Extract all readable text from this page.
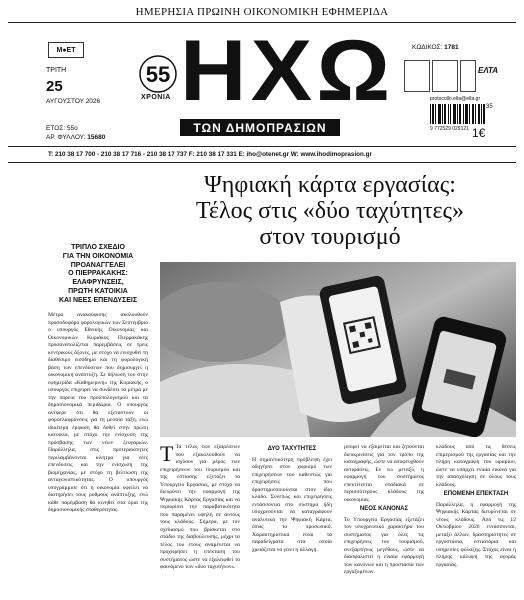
ΗΜΕΡΗΣΙΑ ΠΡΩΙΝΗ ΟΙΚΟΝΟΜΙΚΗ ΕΦΗΜΕΡΙΔΑ
M●ET
ΤΡΙΤΗ
25
ΑΥΓΟΥΣΤΟΥ 2026
ΕΤΟΣ: 55ο
ΑΡ. ΦΥΛΛΟΥ: 15680
55
ΧΡΟΝΙΑ ΗΧΩ
ΤΩΝ ΔΗΜΟΠΡΑΣΙΩΝ
ΚΩΔΙΚΟΣ: 1781
ΕΛΤΑ
protocollo.elta@elta.gr
9 772529 029121
35
1€
T: 210 38 17 700 - 210 38 17 716 - 210 38 17 737 F: 210 38 17 331 E: iho@otenet.gr W: www.ihodimoprasion.gr
Ψηφιακή κάρτα εργασίας:
Τέλος στις «δύο ταχύτητες»
στον τουρισμό
ΤΡΙΠΛΟ ΣΧΕΔΙΟ
ΓΙΑ ΤΗΝ ΟΙΚΟΝΟΜΙΑ
ΠΡΟΑΝΑΓΓΕΛΕΙ
Ο ΠΙΕΡΡΑΚΑΚΗΣ:
ΕΛΑΦΡΥΝΣΕΙΣ,
ΠΡΩΤΗ ΚΑΤΟΙΚΙΑ
ΚΑΙ ΝΕΕΣ ΕΠΕΝΔΥΣΕΙΣ
Μέτρα ανακούφισης ακολουθούν προσοδοφόρο φορολογικών των Σεπτέμβριο ο υπουργός Εθνικής Οικονομίας και Οικονομικών Κυριάκος Πιερρακάκης προσανατολίζεται παρεμβάσεις σε τρεις κεντρικούς άξονες, με στόχο να ενισχυθεί τη διαθέσιμο εισόδημα και τη φορολογική βάση των επενδύσεων που δημιουργεί η οικονομική ανάπτυξη. Σε δήλωση του στην εφημερίδα «Καθημερινή» της Κυριακής, ο υπουργός επιχειρεί να συνδέσει τα μέτρα με την πορεία του προϋπολογισμού και τα δημοσιονομικά περιθώρια. Ο υπουργός ανέφερε ότι θα εξεταστούν οι φοροελαφρύνσεις για τη μεσαία τάξη, ενώ ιδιαίτερη έμφαση θα δοθεί στην πρώτη κατοικία, με στόχο την ενίσχυση της πρόσβασης των νέων ζευγαριών. Παράλληλα, στις προτεραιότητες περιλαμβάνονται κίνητρα για νέες επενδύσεις και την ενίσχυση της βιομηχανίας, με στόχο τη βελτίωση της ανταγωνιστικότητας. Ο υπουργός υπογράμμισε ότι η οικονομία οφείλει να διατηρήσει τους ρυθμούς ανάπτυξης, ενώ κάθε παρέμβαση θα κινηθεί στα όρια της δημοσιονομικής σταθερότητας.
Τ Τα τέλος των εξαιρέσεων που εξακολουθούν να ισχύουν για μέρος των επιχειρήσεων του τουρισμού και της εστίασης εξετάζει το Υπουργείο Εργασίας, με στόχο να διευρύνει την εφαρμογή της Ψηφιακής Κάρτας Εργασίας και να περιορίσει την παραβατικότητα που παραμένει υψηλή σε αυτούς τους κλάδους. Σήμερα, με τον σχεδιασμό που βρίσκεται στο στάδιο της διαβούλευσης, μέχρι τα τέλος του έτους αναμένεται να προχωρήσει η επέκταση του συστήματος ώστε να εξαλειφθεί το φαινόμενο των «δύο ταχυτήτων».

ΔΥΟ ΤΑΧΥΤΗΤΕΣ

Η σημαντικότερη πρόβλεψη έχει οδηγήσει στον χωρισμό των επιχειρήσεων του καθεστώς για επιχειρήσεις που δραστηριοποιούνται στον ίδιο κλάδο. Συνεπώς και επιχειρήσεις εντάσσονται στο σύστημα ήδη υποχρεούνται να καταγράφουν αναλυτικά την Ψηφιακή Κάρτα, όπως το προσωπικό. Χαρακτηριστικά είναι τα παραδείγματα στα οποία χρειάζεται να γίνει η αλλαγή.

μπορεί να εξαιρείται και ζητούνται διευκρινίσεις για τον τρόπο της καταγραφής, ώστε να αποφευχθούν αντιφάσεις. Εν τω μεταξύ, η εφαρμογή του συστήματος επεκτείνεται σταδιακά σε περισσότερους κλάδους της οικονομίας.

ΝΕΟΣ ΚΑΝΟΝΑΣ

Το Υπουργείο Εργασίας εξετάζει τον υποχρεωτικό χαρακτήρα του συστήματος για όλες τις επιχειρήσεις του τουρισμού, ανεξαρτήτως μεγέθους, ώστε να διασφαλιστεί η ενιαία εφαρμογή των κανόνων και η προστασία των εργαζομένων.

κλάδους από τις θέσεις επιμερισμού της εργασίας και την πλήρη καταγραφή του ωραρίου, ώστε να υπάρχει ενιαία εικόνα για την απασχόληση σε όλους τους κλάδους.

ΕΠΟΜΕΝΗ ΕΠΕΚΤΑΣΗ

Παράλληλα, η εφαρμογή της Ψηφιακής Κάρτας διευρύνεται σε νέους κλάδους. Από τις 12 Οκτωβρίου 2026 εντάσσονται, μεταξύ άλλων, δραστηριότητες σε εργοστάσια, εστιατόρια και υπηρεσίες φύλαξης. Στόχος είναι η πλήρης κάλυψη της αγοράς εργασίας.
